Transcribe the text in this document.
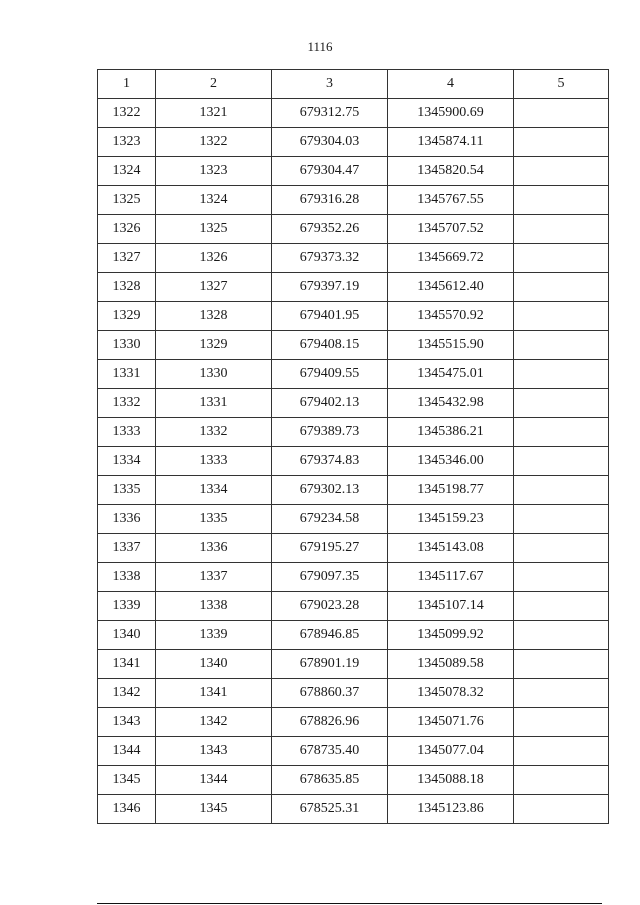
1116
1	2	3	4	5
1322	1321	679312.75	1345900.69	
1323	1322	679304.03	1345874.11	
1324	1323	679304.47	1345820.54	
1325	1324	679316.28	1345767.55	
1326	1325	679352.26	1345707.52	
1327	1326	679373.32	1345669.72	
1328	1327	679397.19	1345612.40	
1329	1328	679401.95	1345570.92	
1330	1329	679408.15	1345515.90	
1331	1330	679409.55	1345475.01	
1332	1331	679402.13	1345432.98	
1333	1332	679389.73	1345386.21	
1334	1333	679374.83	1345346.00	
1335	1334	679302.13	1345198.77	
1336	1335	679234.58	1345159.23	
1337	1336	679195.27	1345143.08	
1338	1337	679097.35	1345117.67	
1339	1338	679023.28	1345107.14	
1340	1339	678946.85	1345099.92	
1341	1340	678901.19	1345089.58	
1342	1341	678860.37	1345078.32	
1343	1342	678826.96	1345071.76	
1344	1343	678735.40	1345077.04	
1345	1344	678635.85	1345088.18	
1346	1345	678525.31	1345123.86	
